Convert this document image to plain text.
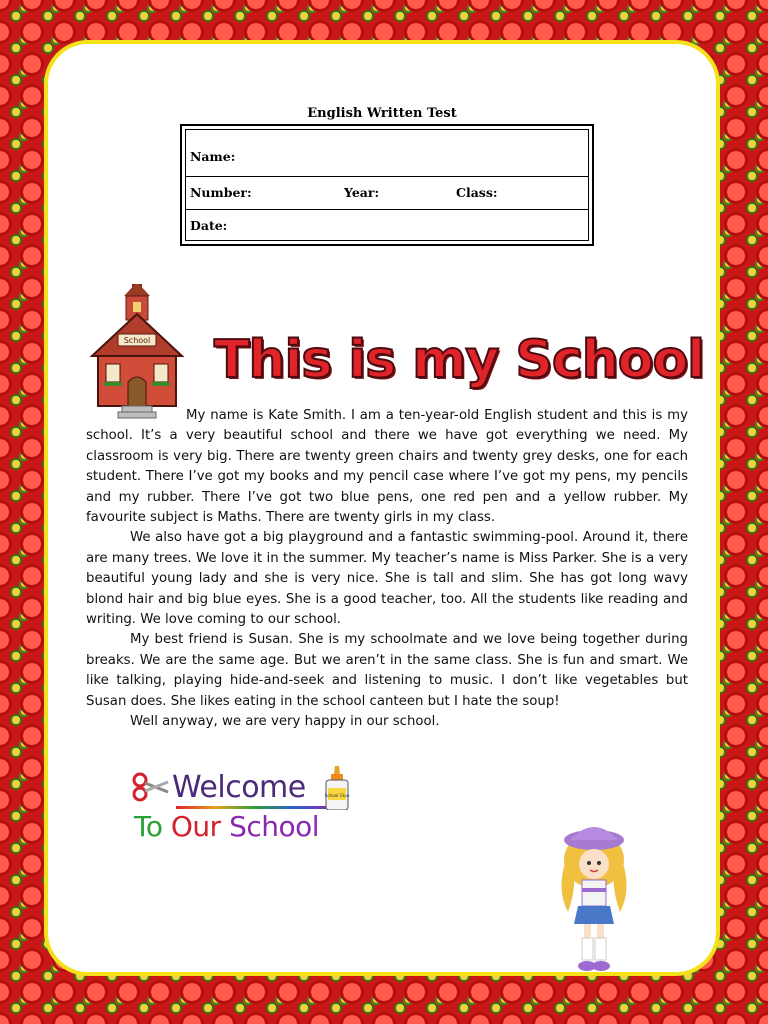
English Written Test
Name:
Number:	Year:	Class:
Date:
School This is my School

My name is Kate Smith. I am a ten-year-old English student and this is my school. It’s a very beautiful school and there we have got everything we need. My classroom is very big. There are twenty green chairs and twenty grey desks, one for each student. There I’ve got my books and my pencil case where I’ve got my pens, my pencils and my rubber. There I’ve got two blue pens, one red pen and a yellow rubber. My favourite subject is Maths. There are twenty girls in my class.

We also have got a big playground and a fantastic swimming-pool. Around it, there are many trees. We love it in the summer. My teacher’s name is Miss Parker. She is a very beautiful young lady and she is very nice. She is tall and slim. She has got long wavy blond hair and big blue eyes. She is a good teacher, too. All the students like reading and writing. We love coming to our school.

My best friend is Susan. She is my schoolmate and we love being together during breaks. We are the same age. But we aren’t in the same class. She is fun and smart. We like talking, playing hide-and-seek and listening to music. I don’t like vegetables but Susan does. She likes eating in the school canteen but I hate the soup!

Well anyway, we are very happy in our school.

Welcome	School Glue
To Our School
